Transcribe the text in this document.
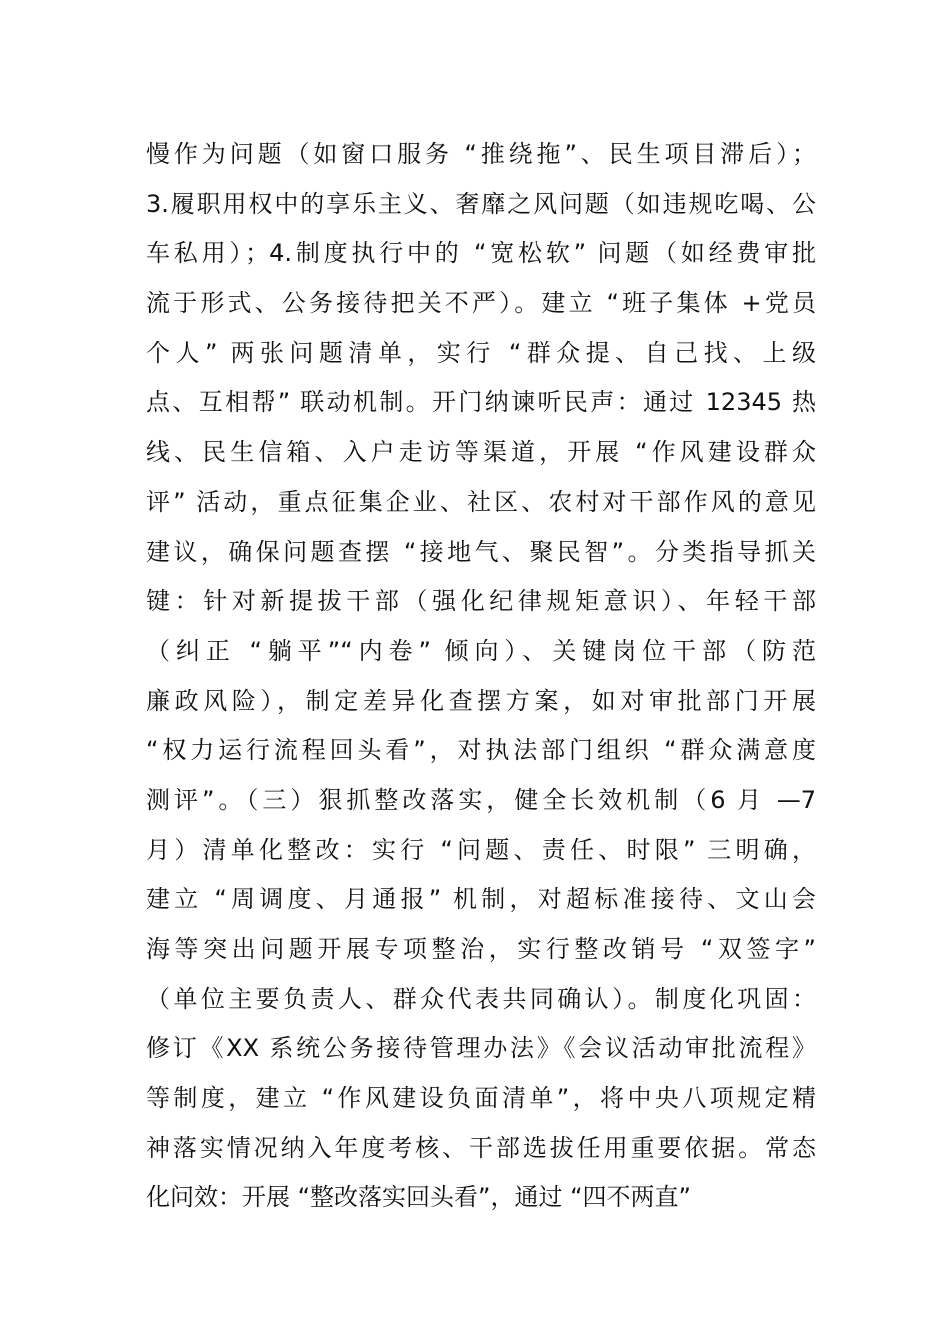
慢作为问题（如窗口服务 “推绕拖”、民生项目滞后）；
3.履职用权中的享乐主义、奢靡之风问题（如违规吃喝、公
车私用）；4.制度执行中的 “宽松软” 问题（如经费审批
流于形式、公务接待把关不严）。建立 “班子集体 +党员
个人” 两张问题清单，实行 “群众提、自己找、上级
点、互相帮” 联动机制。开门纳谏听民声：通过 12345 热
线、民生信箱、入户走访等渠道，开展 “作风建设群众
评” 活动，重点征集企业、社区、农村对干部作风的意见
建议，确保问题查摆 “接地气、聚民智”。分类指导抓关
键：针对新提拔干部（强化纪律规矩意识）、年轻干部
（纠正 “躺平”“内卷” 倾向）、关键岗位干部（防范
廉政风险），制定差异化查摆方案，如对审批部门开展
“权力运行流程回头看”，对执法部门组织 “群众满意度
测评”。（三）狠抓整改落实，健全长效机制（6 月 —7
月）清单化整改：实行 “问题、责任、时限” 三明确，
建立 “周调度、月通报” 机制，对超标准接待、文山会
海等突出问题开展专项整治，实行整改销号 “双签字”
（单位主要负责人、群众代表共同确认）。制度化巩固：
修订《XX 系统公务接待管理办法》《会议活动审批流程》
等制度，建立 “作风建设负面清单”，将中央八项规定精
神落实情况纳入年度考核、干部选拔任用重要依据。常态
化问效：开展 “整改落实回头看”，通过 “四不两直”
